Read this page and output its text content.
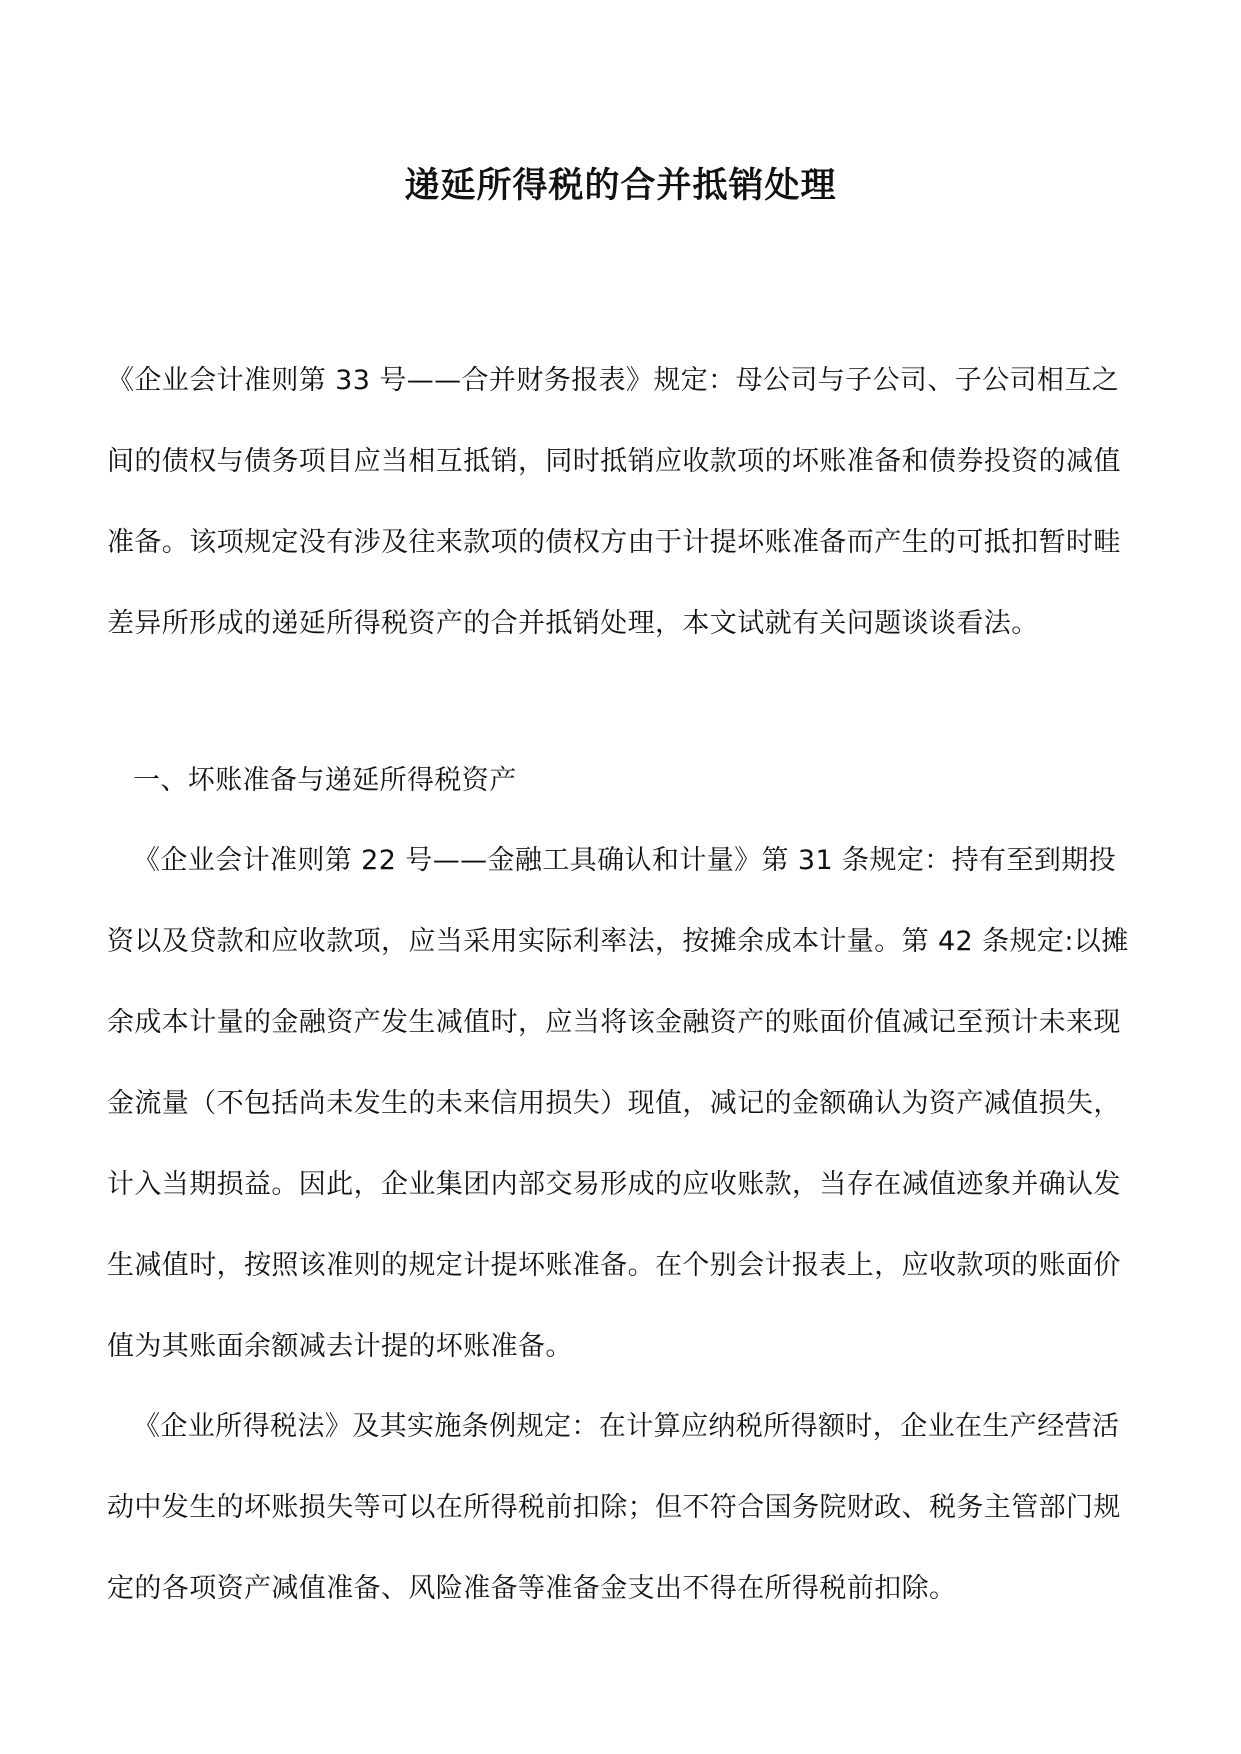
递延所得税的合并抵销处理

《企业会计准则第 33 号——合并财务报表》规定：母公司与子公司、子公司相互之间的债权与债务项目应当相互抵销，同时抵销应收款项的坏账准备和债券投资的减值准备。该项规定没有涉及往来款项的债权方由于计提坏账准备而产生的可抵扣暂时畦差异所形成的递延所得税资产的合并抵销处理，本文试就有关问题谈谈看法。

一、坏账准备与递延所得税资产

《企业会计准则第 22 号——金融工具确认和计量》第 31 条规定：持有至到期投资以及贷款和应收款项，应当采用实际利率法，按摊余成本计量。第 42 条规定:以摊余成本计量的金融资产发生减值时，应当将该金融资产的账面价值减记至预计未来现金流量（不包括尚未发生的未来信用损失）现值，减记的金额确认为资产减值损失，计入当期损益。因此，企业集团内部交易形成的应收账款，当存在减值迹象并确认发生减值时，按照该准则的规定计提坏账准备。在个别会计报表上，应收款项的账面价值为其账面余额减去计提的坏账准备。

《企业所得税法》及其实施条例规定：在计算应纳税所得额时，企业在生产经营活动中发生的坏账损失等可以在所得税前扣除；但不符合国务院财政、税务主管部门规定的各项资产减值准备、风险准备等准备金支出不得在所得税前扣除。
